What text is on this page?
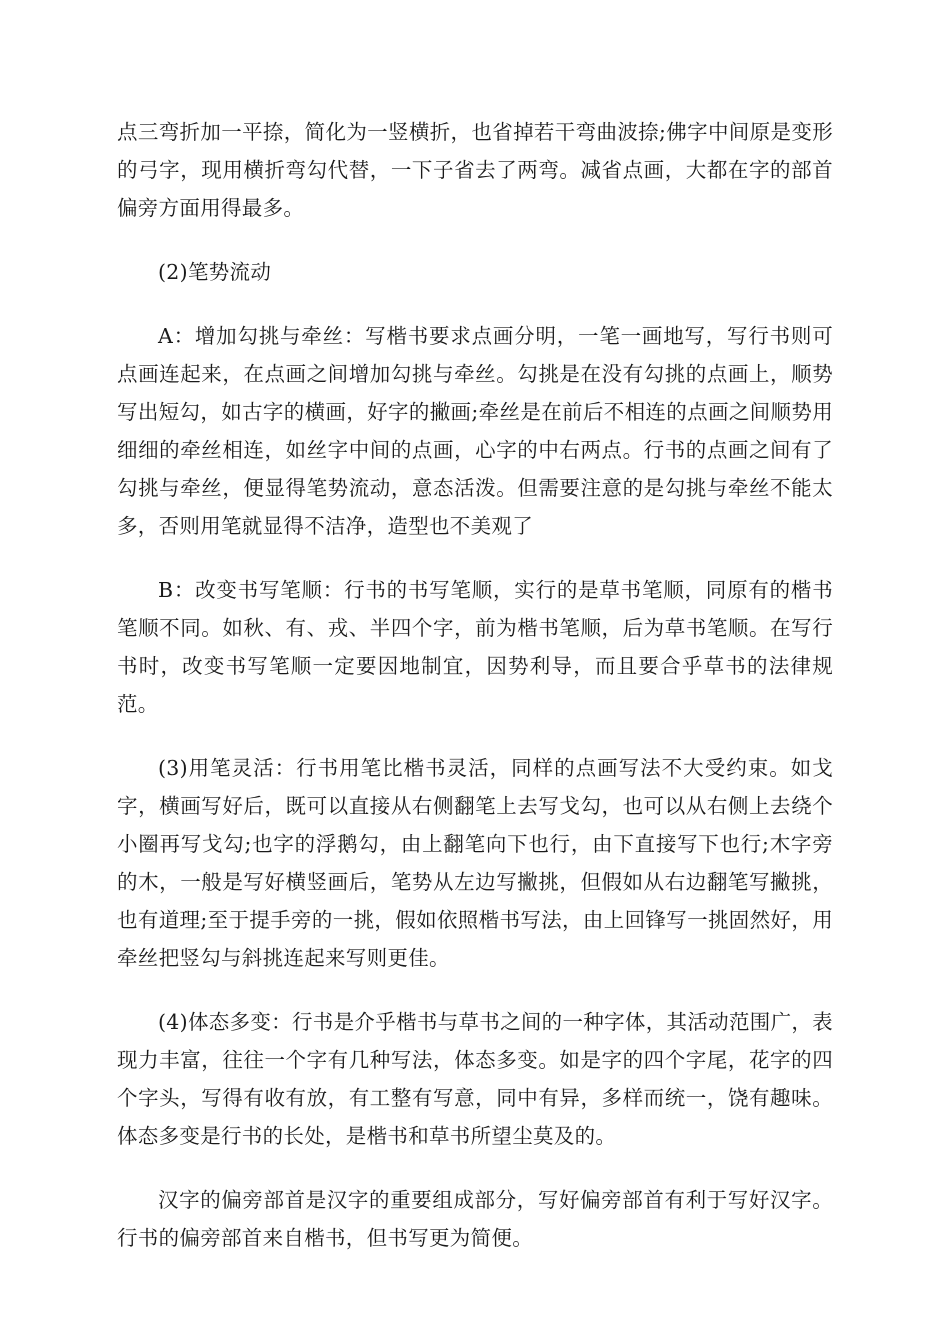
点三弯折加一平捺，简化为一竖横折，也省掉若干弯曲波捺;佛字中间原是变形的弓字，现用横折弯勾代替，一下子省去了两弯。减省点画，大都在字的部首偏旁方面用得最多。

(2)笔势流动

A：增加勾挑与牵丝：写楷书要求点画分明，一笔一画地写，写行书则可点画连起来，在点画之间增加勾挑与牵丝。勾挑是在没有勾挑的点画上，顺势写出短勾，如古字的横画，好字的撇画;牵丝是在前后不相连的点画之间顺势用细细的牵丝相连，如丝字中间的点画，心字的中右两点。行书的点画之间有了勾挑与牵丝，便显得笔势流动，意态活泼。但需要注意的是勾挑与牵丝不能太多，否则用笔就显得不洁净，造型也不美观了

B：改变书写笔顺：行书的书写笔顺，实行的是草书笔顺，同原有的楷书笔顺不同。如秋、有、戎、半四个字，前为楷书笔顺，后为草书笔顺。在写行书时，改变书写笔顺一定要因地制宜，因势利导，而且要合乎草书的法律规范。

(3)用笔灵活：行书用笔比楷书灵活，同样的点画写法不大受约束。如戈字，横画写好后，既可以直接从右侧翻笔上去写戈勾，也可以从右侧上去绕个小圈再写戈勾;也字的浮鹅勾，由上翻笔向下也行，由下直接写下也行;木字旁的木，一般是写好横竖画后，笔势从左边写撇挑，但假如从右边翻笔写撇挑，也有道理;至于提手旁的一挑，假如依照楷书写法，由上回锋写一挑固然好，用牵丝把竖勾与斜挑连起来写则更佳。

(4)体态多变：行书是介乎楷书与草书之间的一种字体，其活动范围广，表现力丰富，往往一个字有几种写法，体态多变。如是字的四个字尾，花字的四个字头，写得有收有放，有工整有写意，同中有异，多样而统一，饶有趣味。体态多变是行书的长处，是楷书和草书所望尘莫及的。

汉字的偏旁部首是汉字的重要组成部分，写好偏旁部首有利于写好汉字。行书的偏旁部首来自楷书，但书写更为简便。
